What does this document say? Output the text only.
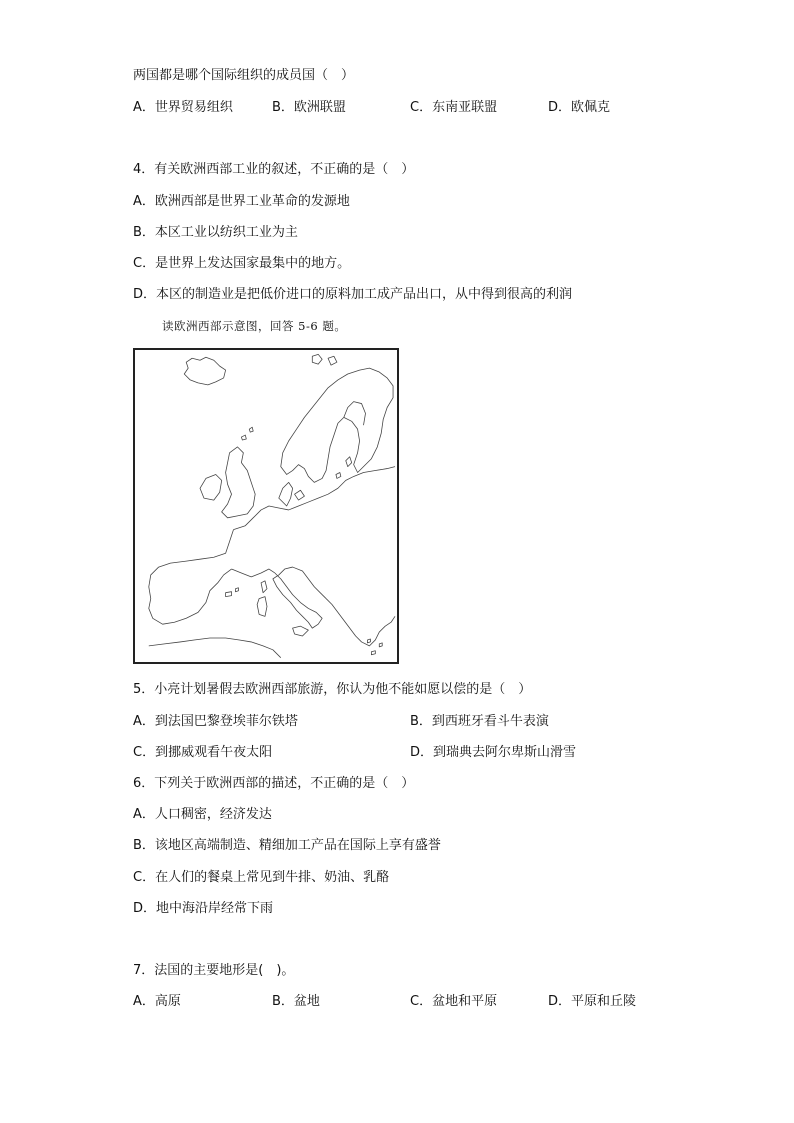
两国都是哪个国际组织的成员国（　）
A．世界贸易组织	B．欧洲联盟	C．东南亚联盟	D．欧佩克
4．有关欧洲西部工业的叙述，不正确的是（　）
A．欧洲西部是世界工业革命的发源地
B．本区工业以纺织工业为主
C．是世界上发达国家最集中的地方。
D．本区的制造业是把低价进口的原料加工成产品出口，从中得到很高的利润
读欧洲西部示意图，回答 5-6 题。
5．小亮计划暑假去欧洲西部旅游，你认为他不能如愿以偿的是（　）
A．到法国巴黎登埃菲尔铁塔	B．到西班牙看斗牛表演
C．到挪威观看午夜太阳	D．到瑞典去阿尔卑斯山滑雪
6．下列关于欧洲西部的描述，不正确的是（　）
A．人口稠密，经济发达
B．该地区高端制造、精细加工产品在国际上享有盛誉
C．在人们的餐桌上常见到牛排、奶油、乳酪
D．地中海沿岸经常下雨
7．法国的主要地形是(　)。
A．高原	B．盆地	C．盆地和平原	D．平原和丘陵
